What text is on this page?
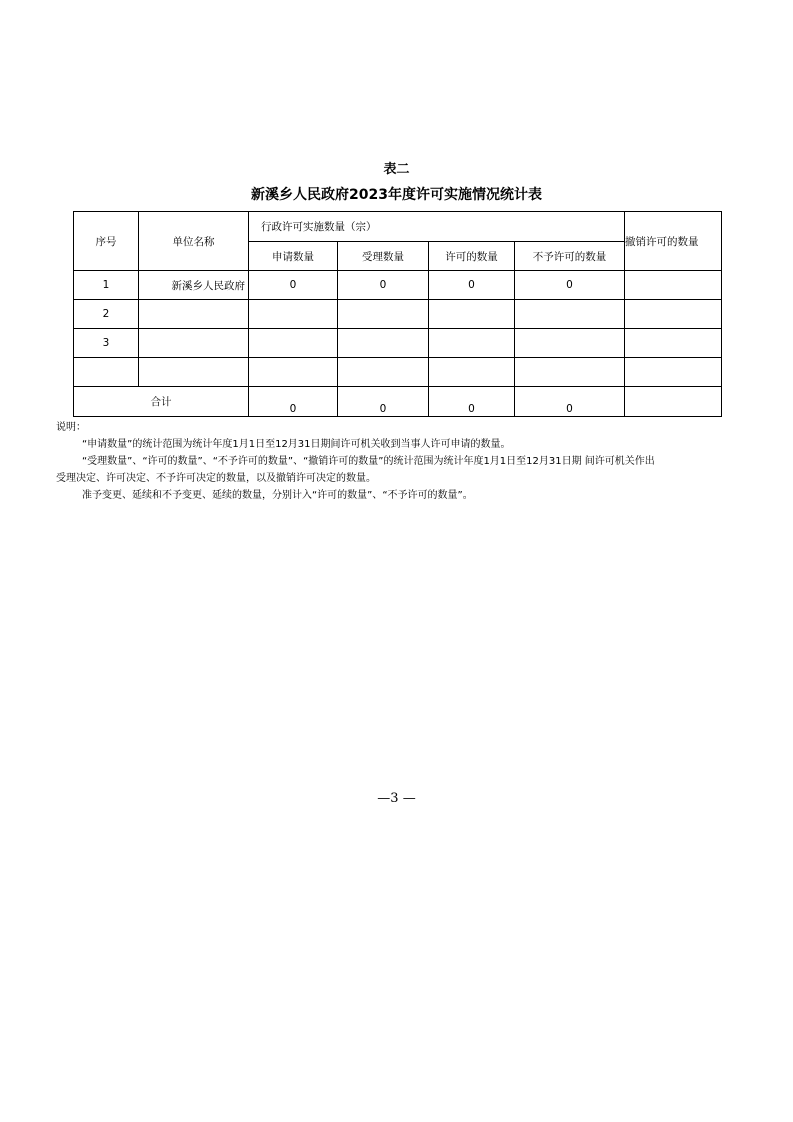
表二
新溪乡人民政府2023年度许可实施情况统计表
序号	单位名称	行政许可实施数量（宗）				撤销许可的数量
		申请数量	受理数量	许可的数量	不予许可的数量	
1	新溪乡人民政府	0	0	0	0	
2						
3						

合计		0	0	0	0	

说明：

“申请数量”的统计范围为统计年度1月1日至12月31日期间许可机关收到当事人许可申请的数量。

“受理数量”、“许可的数量”、“不予许可的数量”、“撤销许可的数量”的统计范围为统计年度1月1日至12月31日期 间许可机关作出

受理决定、许可决定、不予许可决定的数量，以及撤销许可决定的数量。

准予变更、延续和不予变更、延续的数量，分别计入“许可的数量”、“不予许可的数量”。

—3 —
